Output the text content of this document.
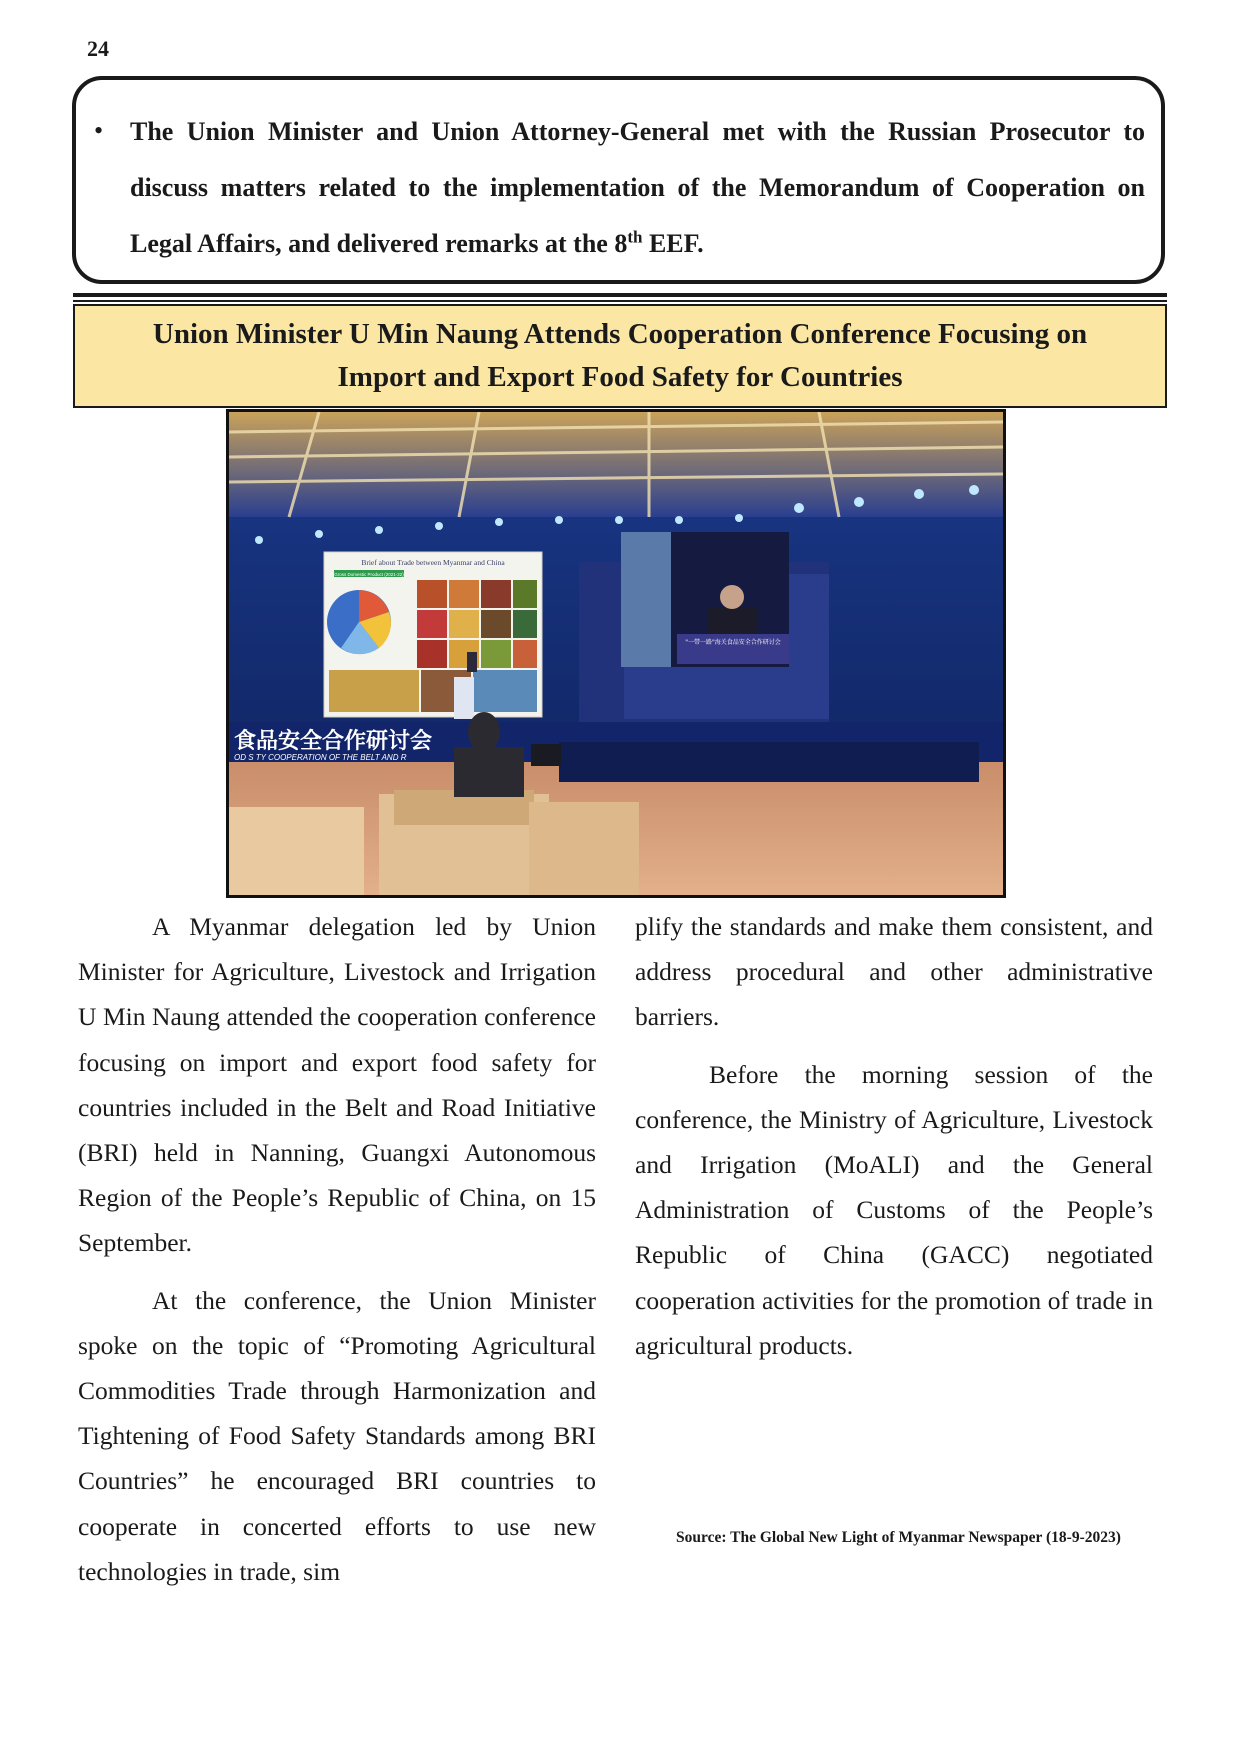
24
• The Union Minister and Union Attorney-General met with the Russian Prosecutor to discuss matters related to the implementation of the Memorandum of Cooperation on Legal Affairs, and delivered remarks at the 8th EEF.
Union Minister U Min Naung Attends Cooperation Conference Focusing on
Import and Export Food Safety for Countries
Brief about Trade between Myanmar and China
Gross Domestic Product (2021-22)
"一带一路"海关食品安全合作研讨会
食品安全合作研讨会
OD S TY COOPERATION OF THE BELT AND R

A Myanmar delegation led by Union Minister for Agriculture, Livestock and Irrigation U Min Naung attended the cooperation conference focusing on import and export food safety for countries included in the Belt and Road Initiative (BRI) held in Nanning, Guangxi Autonomous Region of the People’s Republic of China, on 15 September.

At the conference, the Union Minister spoke on the topic of “Promoting Agricultural Commodities Trade through Harmonization and Tightening of Food Safety Standards among BRI Countries” he encouraged BRI countries to cooperate in concerted efforts to use new technologies in trade, sim

plify the standards and make them consistent, and address procedural and other administrative barriers.

Before the morning session of the conference, the Ministry of Agriculture, Livestock and Irrigation (MoALI) and the General Administration of Customs of the People’s Republic of China (GACC) negotiated cooperation activities for the promotion of trade in agricultural products.

Source: The Global New Light of Myanmar Newspaper (18-9-2023)
